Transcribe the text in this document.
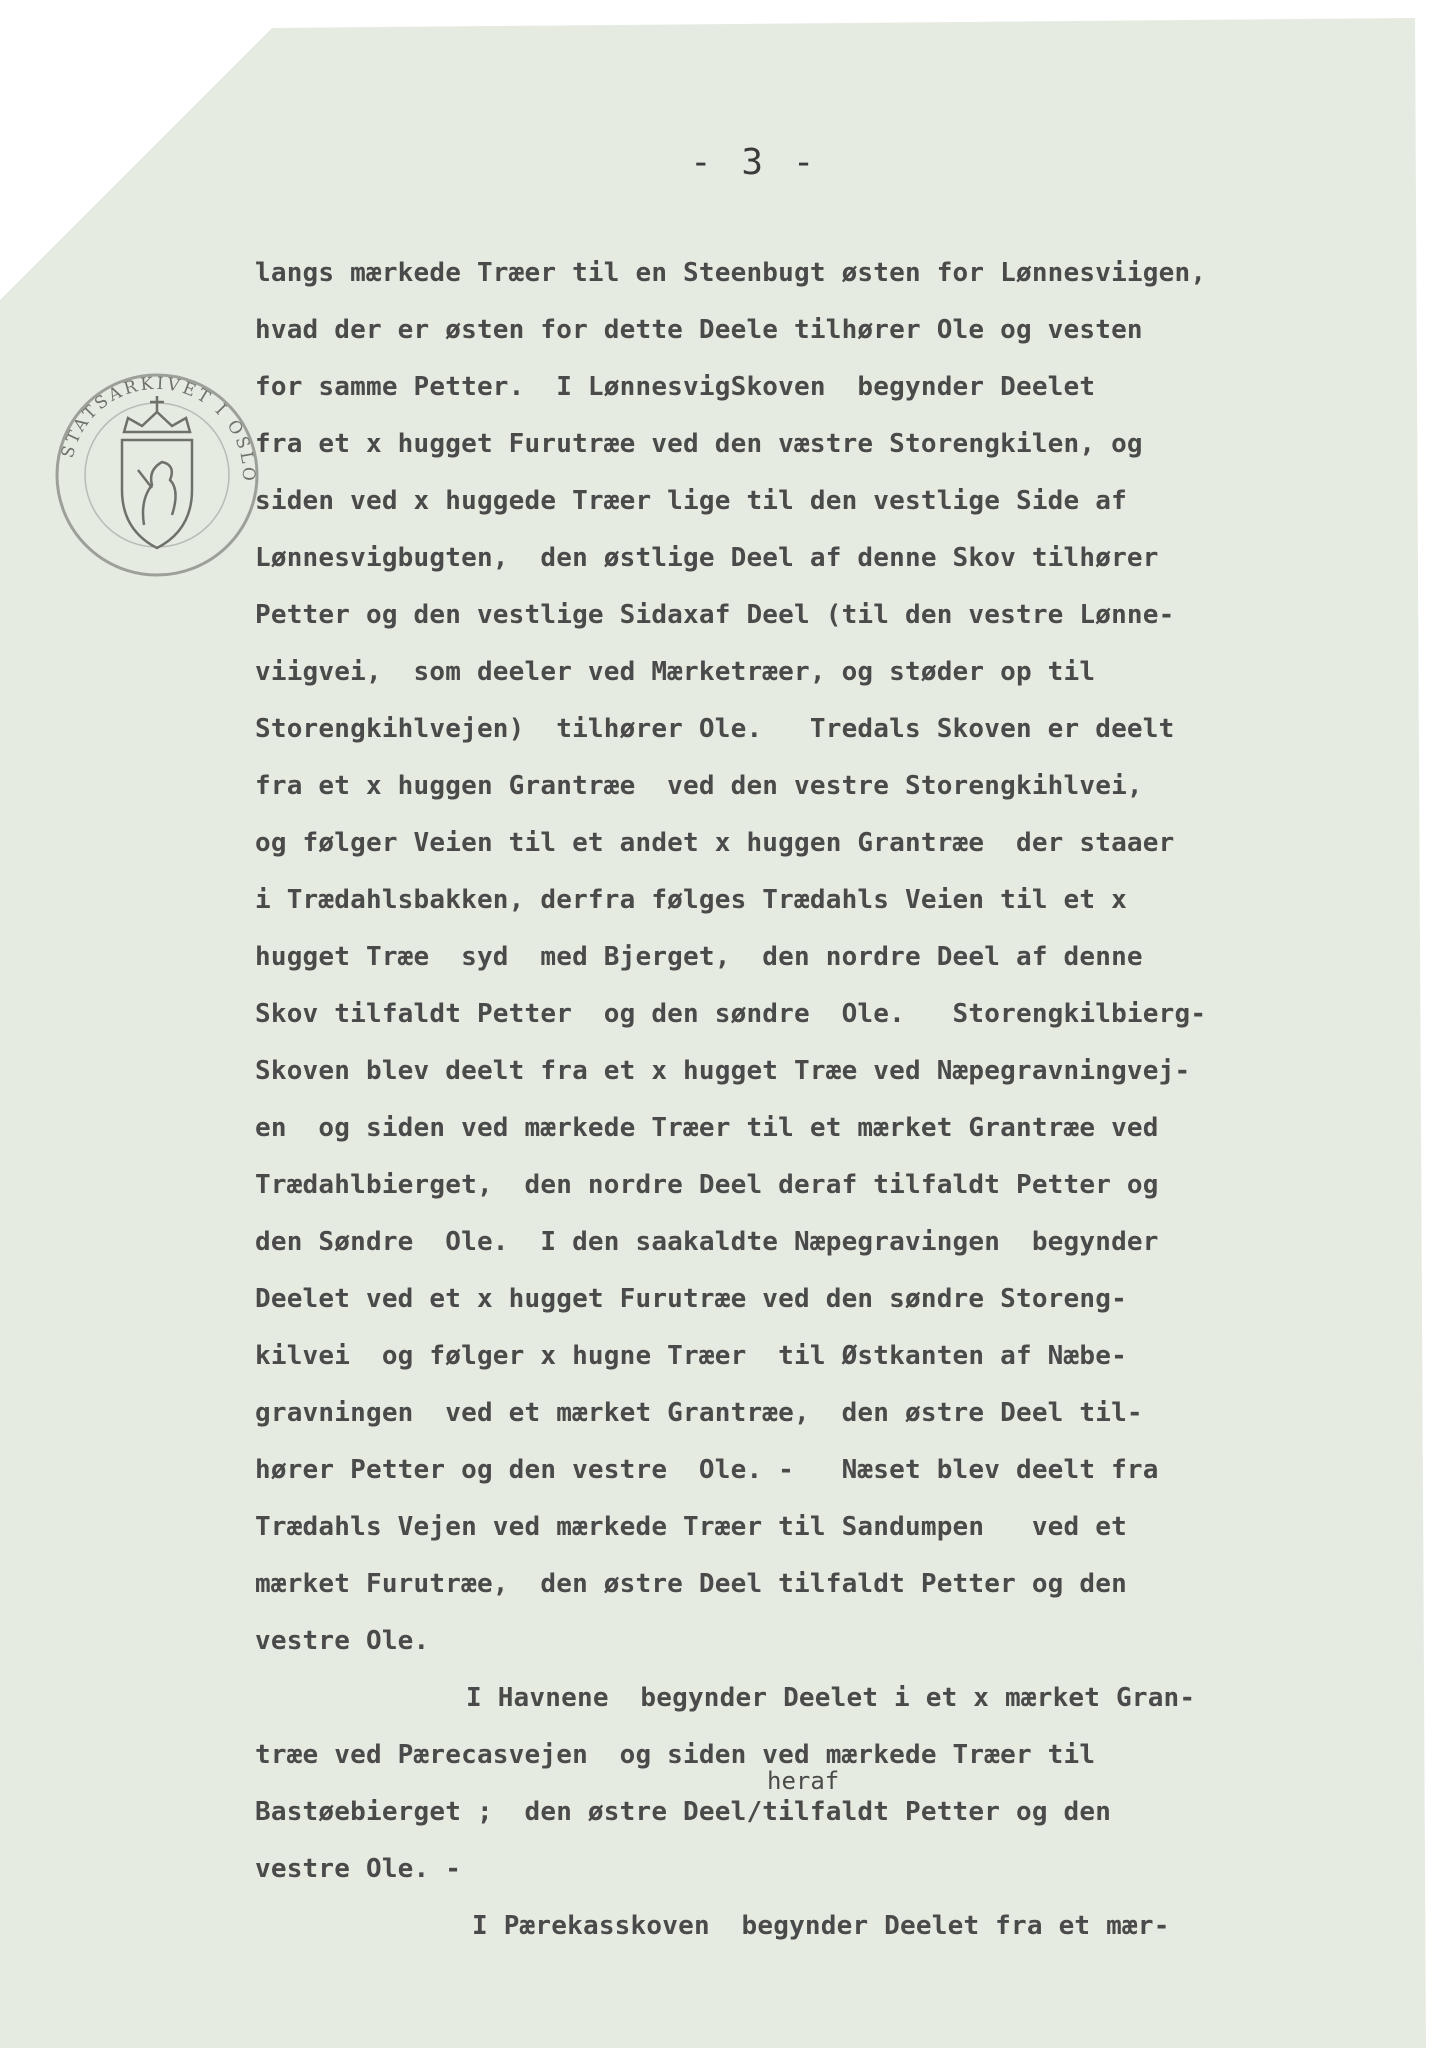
STATSARKIVET I OSLO
- 3 -
langs mærkede Træer til en Steenbugt østen for Lønnesviigen,
hvad der er østen for dette Deele tilhører Ole og vesten
for samme Petter.  I LønnesvigSkoven  begynder Deelet
fra et x hugget Furutræe ved den væstre Storengkilen, og
siden ved x huggede Træer lige til den vestlige Side af
Lønnesvigbugten,  den østlige Deel af denne Skov tilhører
Petter og den vestlige Sidaxaf Deel (til den vestre Lønne-
viigvei,  som deeler ved Mærketræer, og støder op til
Storengkihlvejen)  tilhører Ole.   Tredals Skoven er deelt
fra et x huggen Grantræe  ved den vestre Storengkihlvei,
og følger Veien til et andet x huggen Grantræe  der staaer
i Trædahlsbakken, derfra følges Trædahls Veien til et x
hugget Træe  syd  med Bjerget,  den nordre Deel af denne
Skov tilfaldt Petter  og den søndre  Ole.   Storengkilbierg-
Skoven blev deelt fra et x hugget Træe ved Næpegravningvej-
en  og siden ved mærkede Træer til et mærket Grantræe ved
Trædahlbierget,  den nordre Deel deraf tilfaldt Petter og
den Søndre  Ole.  I den saakaldte Næpegravingen  begynder
Deelet ved et x hugget Furutræe ved den søndre Storeng-
kilvei  og følger x hugne Træer  til Østkanten af Næbe-
gravningen  ved et mærket Grantræe,  den østre Deel til-
hører Petter og den vestre  Ole. -   Næset blev deelt fra
Trædahls Vejen ved mærkede Træer til Sandumpen   ved et
mærket Furutræe,  den østre Deel tilfaldt Petter og den
vestre Ole.
I Havnene  begynder Deelet i et x mærket Gran-
træe ved Pærecasvejen  og siden ved mærkede Træer til
heraf
Bastøebierget ;  den østre Deel/tilfaldt Petter og den
vestre Ole. -
I Pærekasskoven  begynder Deelet fra et mær-
